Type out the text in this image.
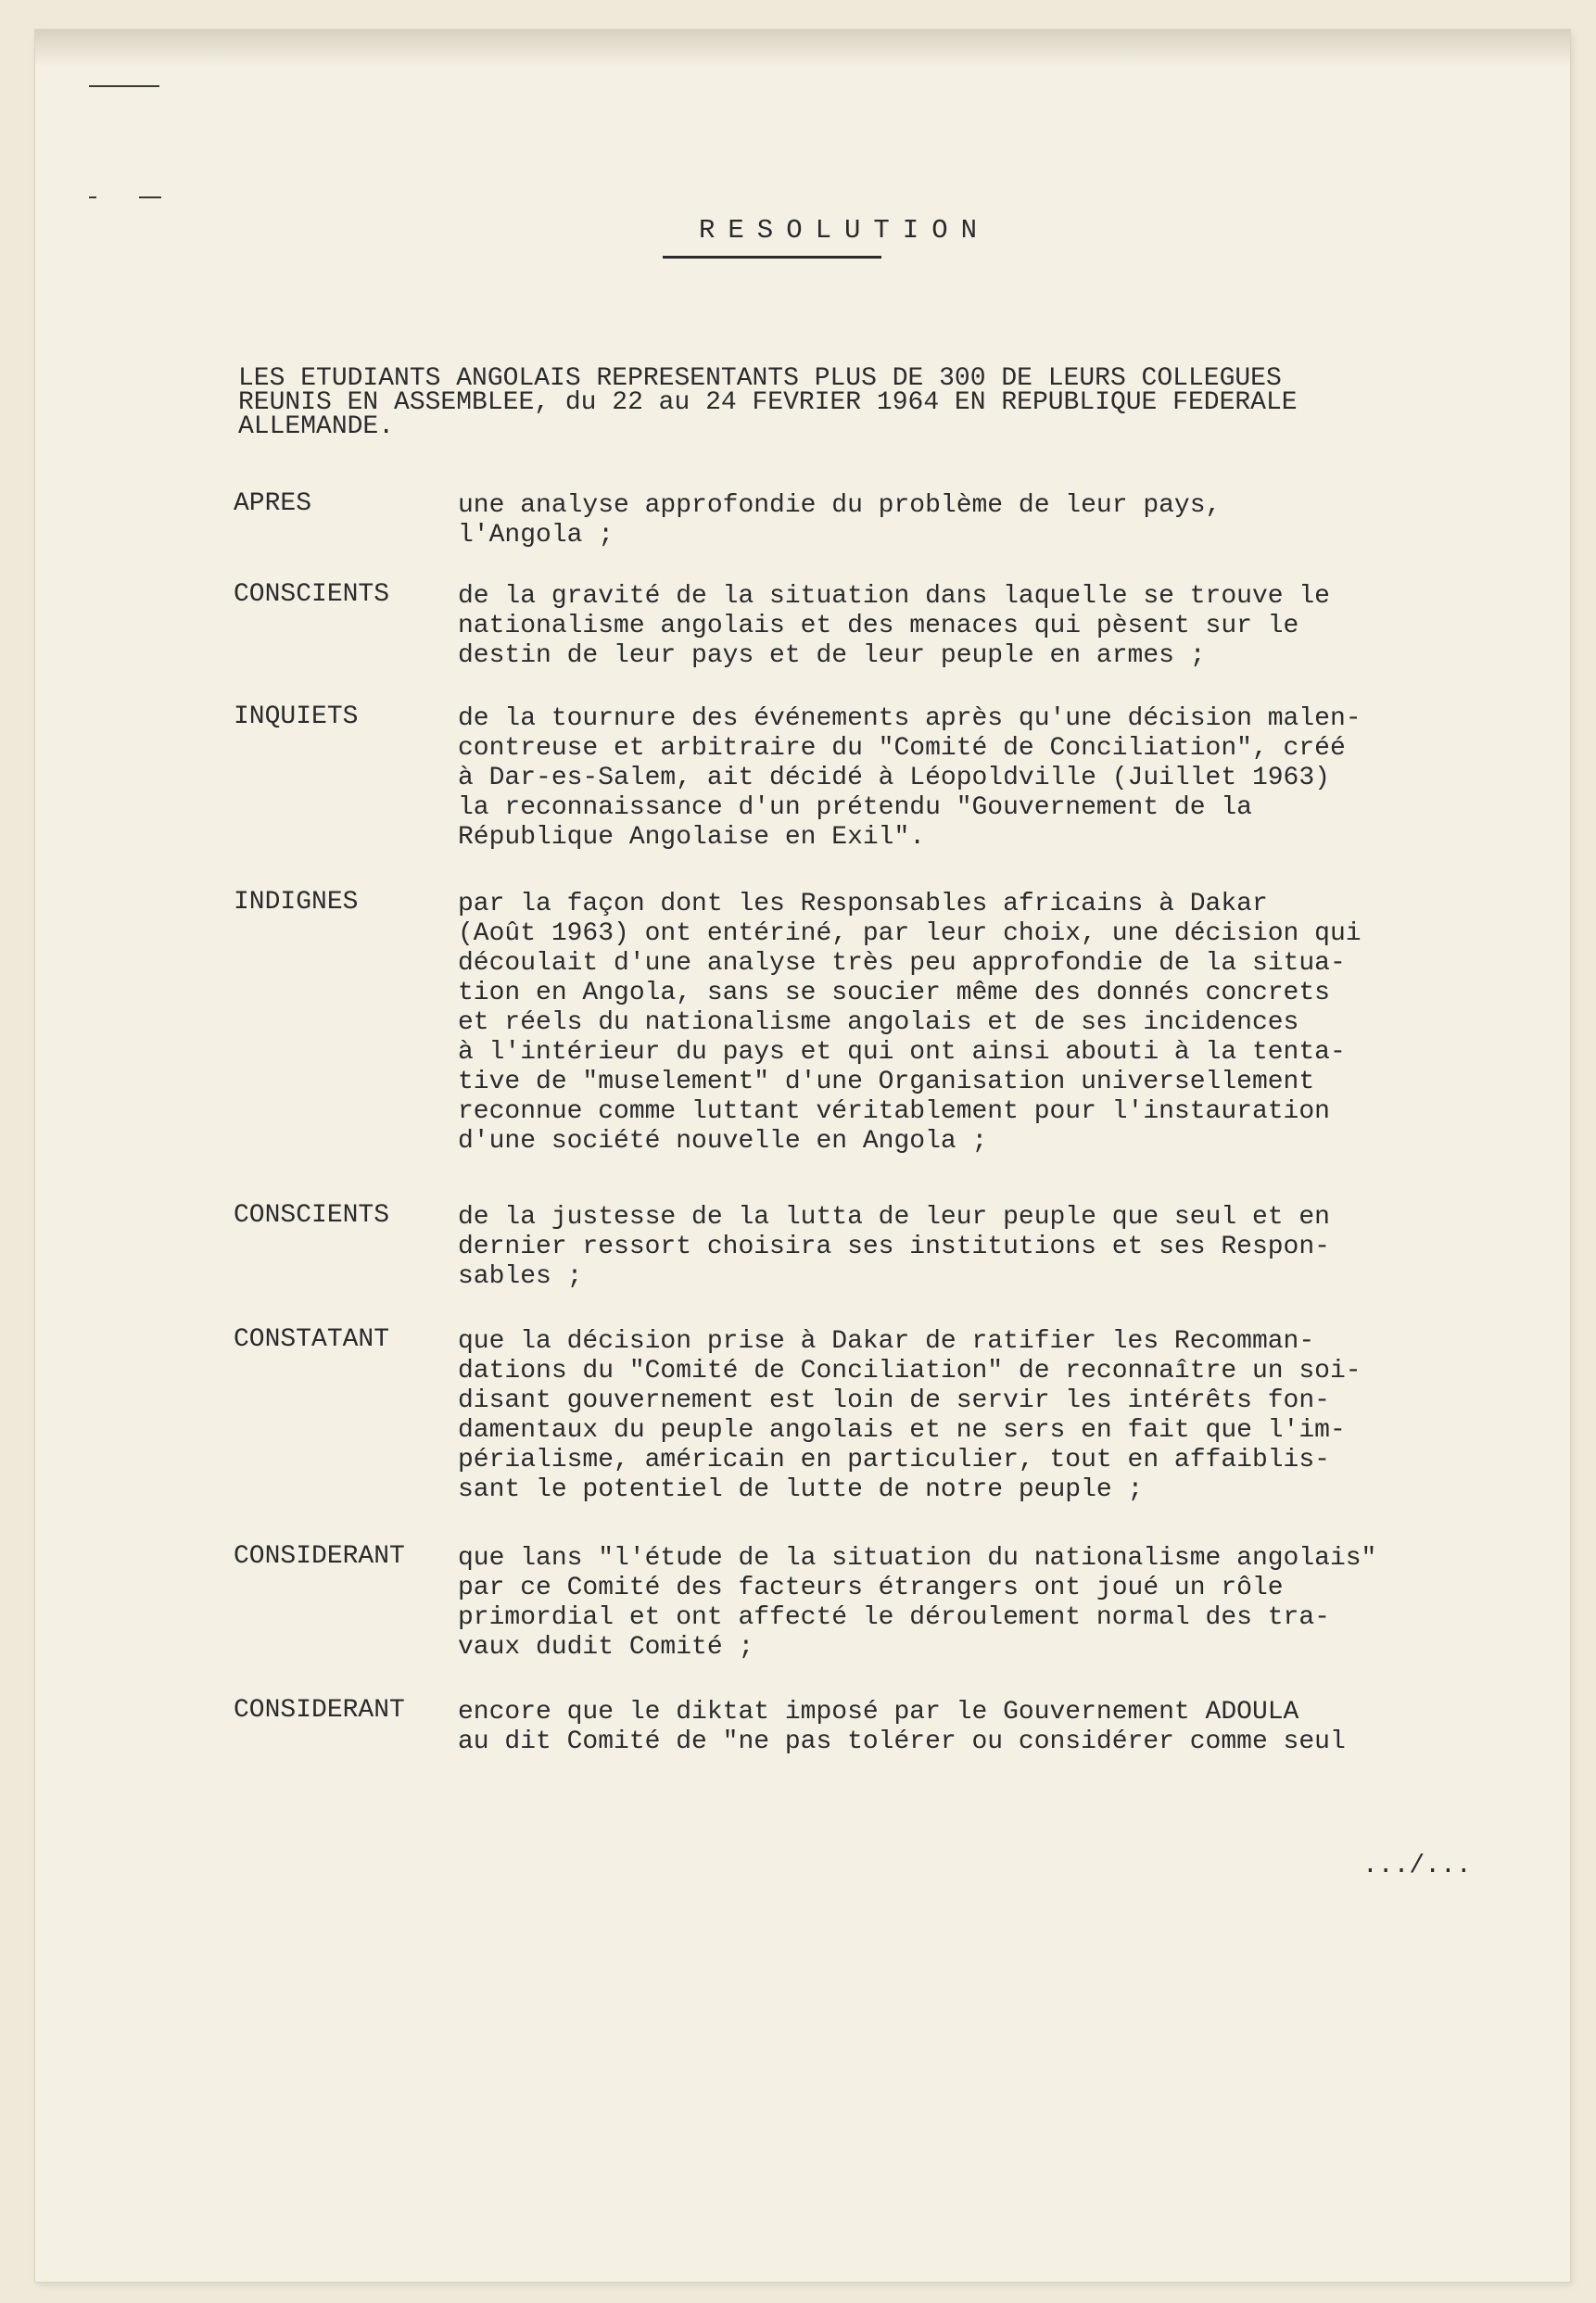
RESOLUTION
LES ETUDIANTS ANGOLAIS REPRESENTANTS PLUS DE 300 DE LEURS COLLEGUES
REUNIS EN ASSEMBLEE, du 22 au 24 FEVRIER 1964 EN REPUBLIQUE FEDERALE
ALLEMANDE.
APRES	une analyse approfondie du problème de leur pays,
l'Angola ;
CONSCIENTS	de la gravité de la situation dans laquelle se trouve le
nationalisme angolais et des menaces qui pèsent sur le
destin de leur pays et de leur peuple en armes ;
INQUIETS	de la tournure des événements après qu'une décision malen-
contreuse et arbitraire du "Comité de Conciliation", créé
à Dar-es-Salem, ait décidé à Léopoldville (Juillet 1963)
la reconnaissance d'un prétendu "Gouvernement de la
République Angolaise en Exil".
INDIGNES	par la façon dont les Responsables africains à Dakar
(Août 1963) ont entériné, par leur choix, une décision qui
découlait d'une analyse très peu approfondie de la situa-
tion en Angola, sans se soucier même des donnés concrets
et réels du nationalisme angolais et de ses incidences
à l'intérieur du pays et qui ont ainsi abouti à la tenta-
tive de "muselement" d'une Organisation universellement
reconnue comme luttant véritablement pour l'instauration
d'une société nouvelle en Angola ;
CONSCIENTS	de la justesse de la lutta de leur peuple que seul et en
dernier ressort choisira ses institutions et ses Respon-
sables ;
CONSTATANT	que la décision prise à Dakar de ratifier les Recomman-
dations du "Comité de Conciliation" de reconnaître un soi-
disant gouvernement est loin de servir les intérêts fon-
damentaux du peuple angolais et ne sers en fait que l'im-
périalisme, américain en particulier, tout en affaiblis-
sant le potentiel de lutte de notre peuple ;
CONSIDERANT que lans "l'étude de la situation du nationalisme angolais"
par ce Comité des facteurs étrangers ont joué un rôle
primordial et ont affecté le déroulement normal des tra-
vaux dudit Comité ;
CONSIDERANT encore que le diktat imposé par le Gouvernement ADOULA
au dit Comité de "ne pas tolérer ou considérer comme seul
.../...
